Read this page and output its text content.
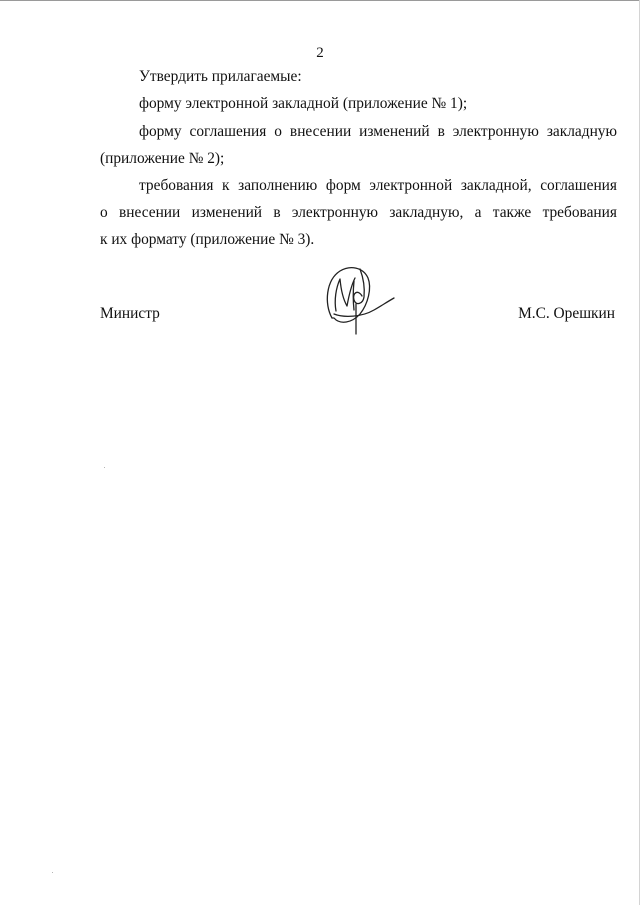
2
Утвердить прилагаемые:
форму электронной закладной (приложение № 1);
форму соглашения о внесении изменений в электронную закладную
(приложение № 2);
требования к заполнению форм электронной закладной, соглашения
о внесении изменений в электронную закладную, а также требования
к их формату (приложение № 3).
Министр	М.С. Орешкин
